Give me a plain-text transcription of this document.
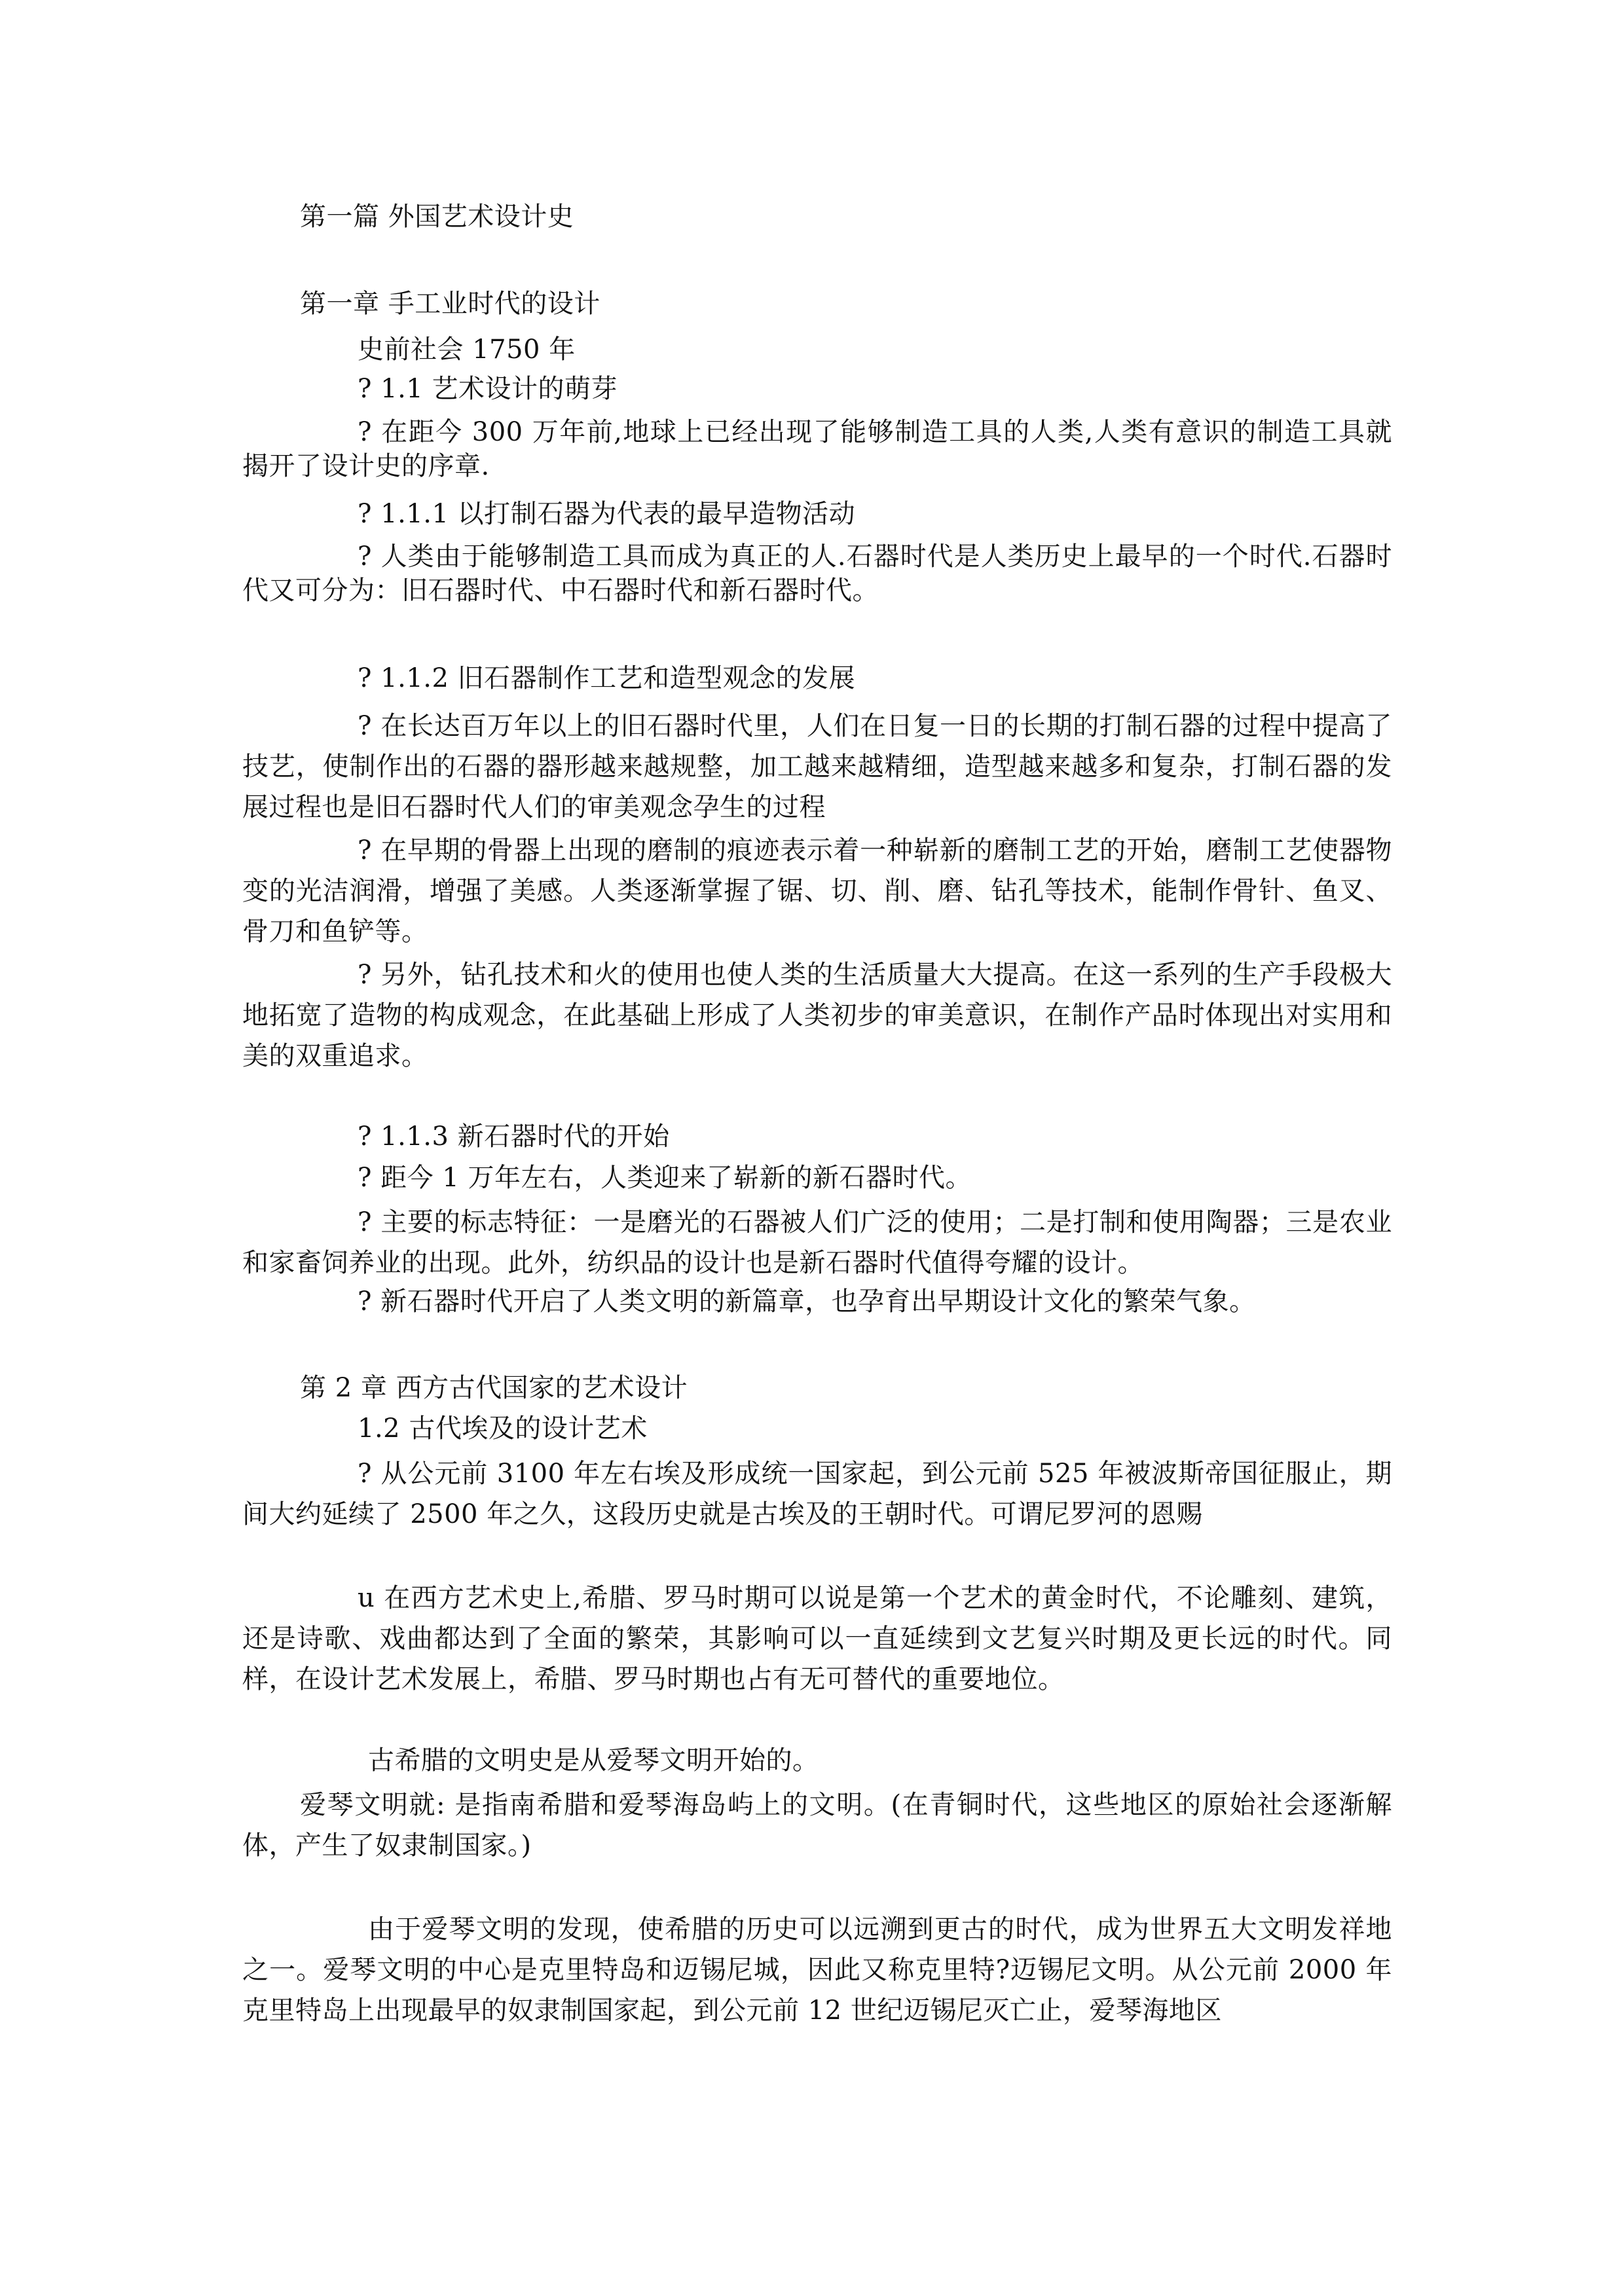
第一篇 外国艺术设计史

第一章 手工业时代的设计

史前社会 1750 年

? 1.1 艺术设计的萌芽

? 在距今 300 万年前,地球上已经出现了能够制造工具的人类,人类有意识的制造工具就揭开了设计史的序章.

? 1.1.1 以打制石器为代表的最早造物活动

? 人类由于能够制造工具而成为真正的人.石器时代是人类历史上最早的一个时代.石器时代又可分为：旧石器时代、中石器时代和新石器时代。

? 1.1.2 旧石器制作工艺和造型观念的发展

? 在长达百万年以上的旧石器时代里，人们在日复一日的长期的打制石器的过程中提高了技艺，使制作出的石器的器形越来越规整，加工越来越精细，造型越来越多和复杂，打制石器的发展过程也是旧石器时代人们的审美观念孕生的过程

? 在早期的骨器上出现的磨制的痕迹表示着一种崭新的磨制工艺的开始，磨制工艺使器物变的光洁润滑，增强了美感。人类逐渐掌握了锯、切、削、磨、钻孔等技术，能制作骨针、鱼叉、骨刀和鱼铲等。

? 另外，钻孔技术和火的使用也使人类的生活质量大大提高。在这一系列的生产手段极大地拓宽了造物的构成观念，在此基础上形成了人类初步的审美意识，在制作产品时体现出对实用和美的双重追求。

? 1.1.3 新石器时代的开始

? 距今 1 万年左右，人类迎来了崭新的新石器时代。

? 主要的标志特征：一是磨光的石器被人们广泛的使用；二是打制和使用陶器；三是农业和家畜饲养业的出现。此外，纺织品的设计也是新石器时代值得夸耀的设计。

? 新石器时代开启了人类文明的新篇章，也孕育出早期设计文化的繁荣气象。

第 2 章 西方古代国家的艺术设计

1.2 古代埃及的设计艺术

? 从公元前 3100 年左右埃及形成统一国家起，到公元前 525 年被波斯帝国征服止，期间大约延续了 2500 年之久，这段历史就是古埃及的王朝时代。可谓尼罗河的恩赐

u 在西方艺术史上,希腊、罗马时期可以说是第一个艺术的黄金时代，不论雕刻、建筑，还是诗歌、戏曲都达到了全面的繁荣，其影响可以一直延续到文艺复兴时期及更长远的时代。同样，在设计艺术发展上，希腊、罗马时期也占有无可替代的重要地位。

古希腊的文明史是从爱琴文明开始的。

爱琴文明就: 是指南希腊和爱琴海岛屿上的文明。(在青铜时代，这些地区的原始社会逐渐解体，产生了奴隶制国家。)

由于爱琴文明的发现，使希腊的历史可以远溯到更古的时代，成为世界五大文明发祥地之一。爱琴文明的中心是克里特岛和迈锡尼城，因此又称克里特?迈锡尼文明。从公元前 2000 年克里特岛上出现最早的奴隶制国家起，到公元前 12 世纪迈锡尼灭亡止，爱琴海地区
